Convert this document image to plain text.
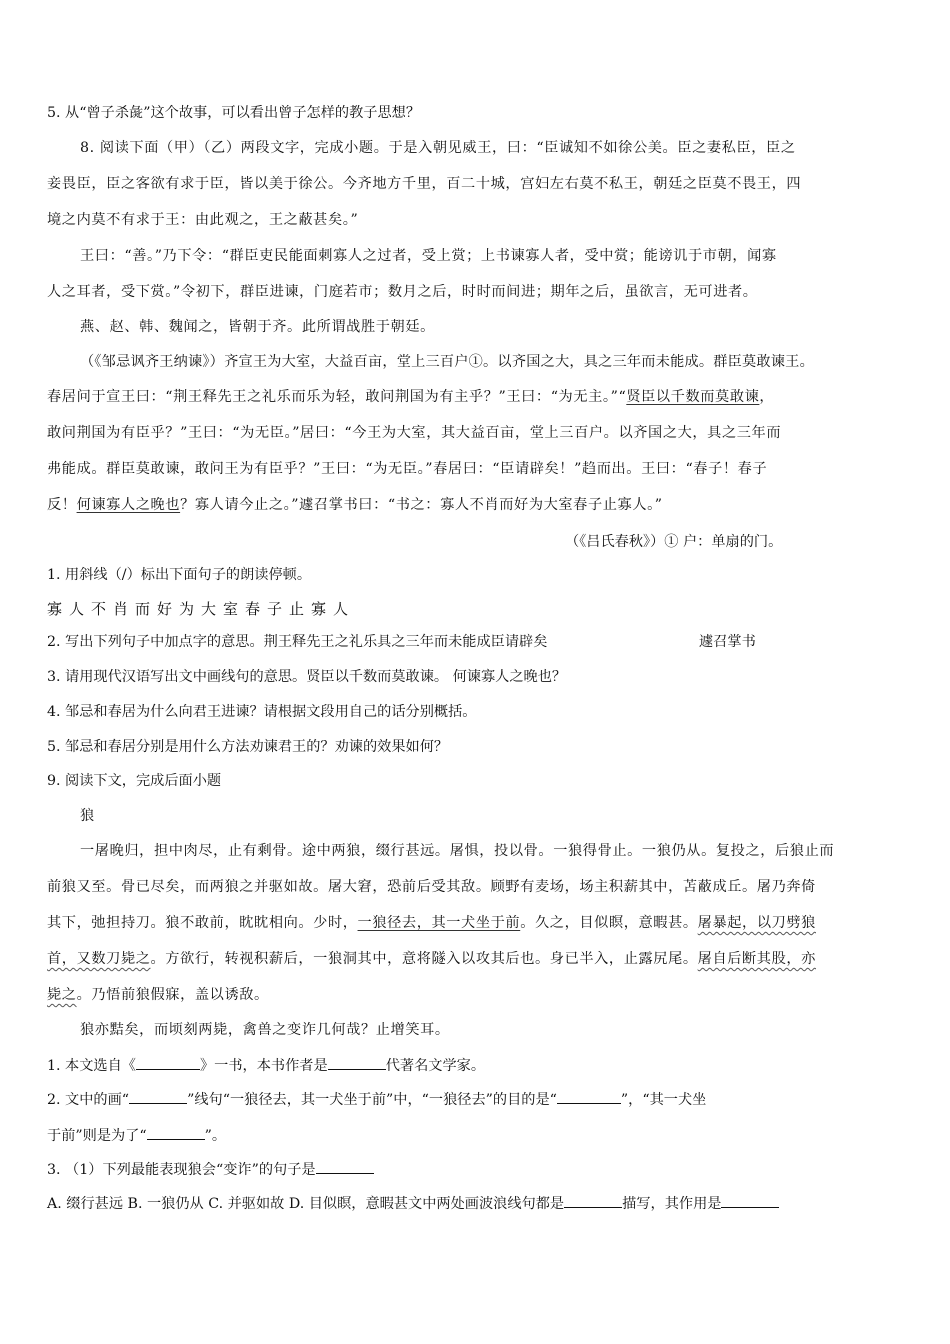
5. 从“曾子杀彘”这个故事，可以看出曾子怎样的教子思想？
8. 阅读下面（甲）（乙）两段文字，完成小题。于是入朝见威王，曰：“臣诚知不如徐公美。臣之妻私臣，臣之
妾畏臣，臣之客欲有求于臣，皆以美于徐公。今齐地方千里，百二十城，宫妇左右莫不私王，朝廷之臣莫不畏王，四
境之内莫不有求于王：由此观之，王之蔽甚矣。”
王曰：“善。”乃下令：“群臣吏民能面刺寡人之过者，受上赏；上书谏寡人者，受中赏；能谤讥于市朝，闻寡
人之耳者，受下赏。”令初下，群臣进谏，门庭若市；数月之后，时时而间进；期年之后，虽欲言，无可进者。
燕、赵、韩、魏闻之，皆朝于齐。此所谓战胜于朝廷。
（《邹忌讽齐王纳谏》）齐宣王为大室，大益百亩，堂上三百户①。以齐国之大，具之三年而未能成。群臣莫敢谏王。
春居问于宣王曰：“荆王释先王之礼乐而乐为轻，敢问荆国为有主乎？”王曰：“为无主。”“贤臣以千数而莫敢谏，
敢问荆国为有臣乎？”王曰：“为无臣。”居曰：“今王为大室，其大益百亩，堂上三百户。以齐国之大，具之三年而
弗能成。群臣莫敢谏，敢问王为有臣乎？”王曰：“为无臣。”春居曰：“臣请辟矣！”趋而出。王曰：“春子！春子
反！何谏寡人之晚也？寡人请今止之。”遽召掌书曰：“书之：寡人不肖而好为大室春子止寡人。”
（《吕氏春秋》）① 户：单扇的门。
1. 用斜线（/）标出下面句子的朗读停顿。
寡人不肖而好为大室春子止寡人
2. 写出下列句子中加点字的意思。荆王释先王之礼乐具之三年而未能成臣请辟矣	遽召掌书
3. 请用现代汉语写出文中画线句的意思。贤臣以千数而莫敢谏。 何谏寡人之晚也？
4. 邹忌和春居为什么向君王进谏？请根据文段用自己的话分别概括。
5. 邹忌和春居分别是用什么方法劝谏君王的？劝谏的效果如何？
9. 阅读下文，完成后面小题
狼
一屠晚归，担中肉尽，止有剩骨。途中两狼，缀行甚远。屠惧，投以骨。一狼得骨止。一狼仍从。复投之，后狼止而
前狼又至。骨已尽矣，而两狼之并驱如故。屠大窘，恐前后受其敌。顾野有麦场，场主积薪其中，苫蔽成丘。屠乃奔倚
其下，弛担持刀。狼不敢前，眈眈相向。少时，一狼径去，其一犬坐于前。久之，目似瞑，意暇甚。屠暴起，以刀劈狼
首，又数刀毙之。方欲行，转视积薪后，一狼洞其中，意将隧入以攻其后也。身已半入，止露尻尾。屠自后断其股，亦
毙之。乃悟前狼假寐，盖以诱敌。
狼亦黠矣，而顷刻两毙，禽兽之变诈几何哉？止增笑耳。
1. 本文选自《	》一书，本书作者是	代著名文学家。
2. 文中的画“	”线句“一狼径去，其一犬坐于前”中，“一狼径去”的目的是“	”，“其一犬坐
于前”则是为了“	”。
3. （1）下列最能表现狼会“变诈”的句子是
A. 缀行甚远 B. 一狼仍从 C. 并驱如故 D. 目似瞑，意暇甚文中两处画波浪线句都是	描写，其作用是
